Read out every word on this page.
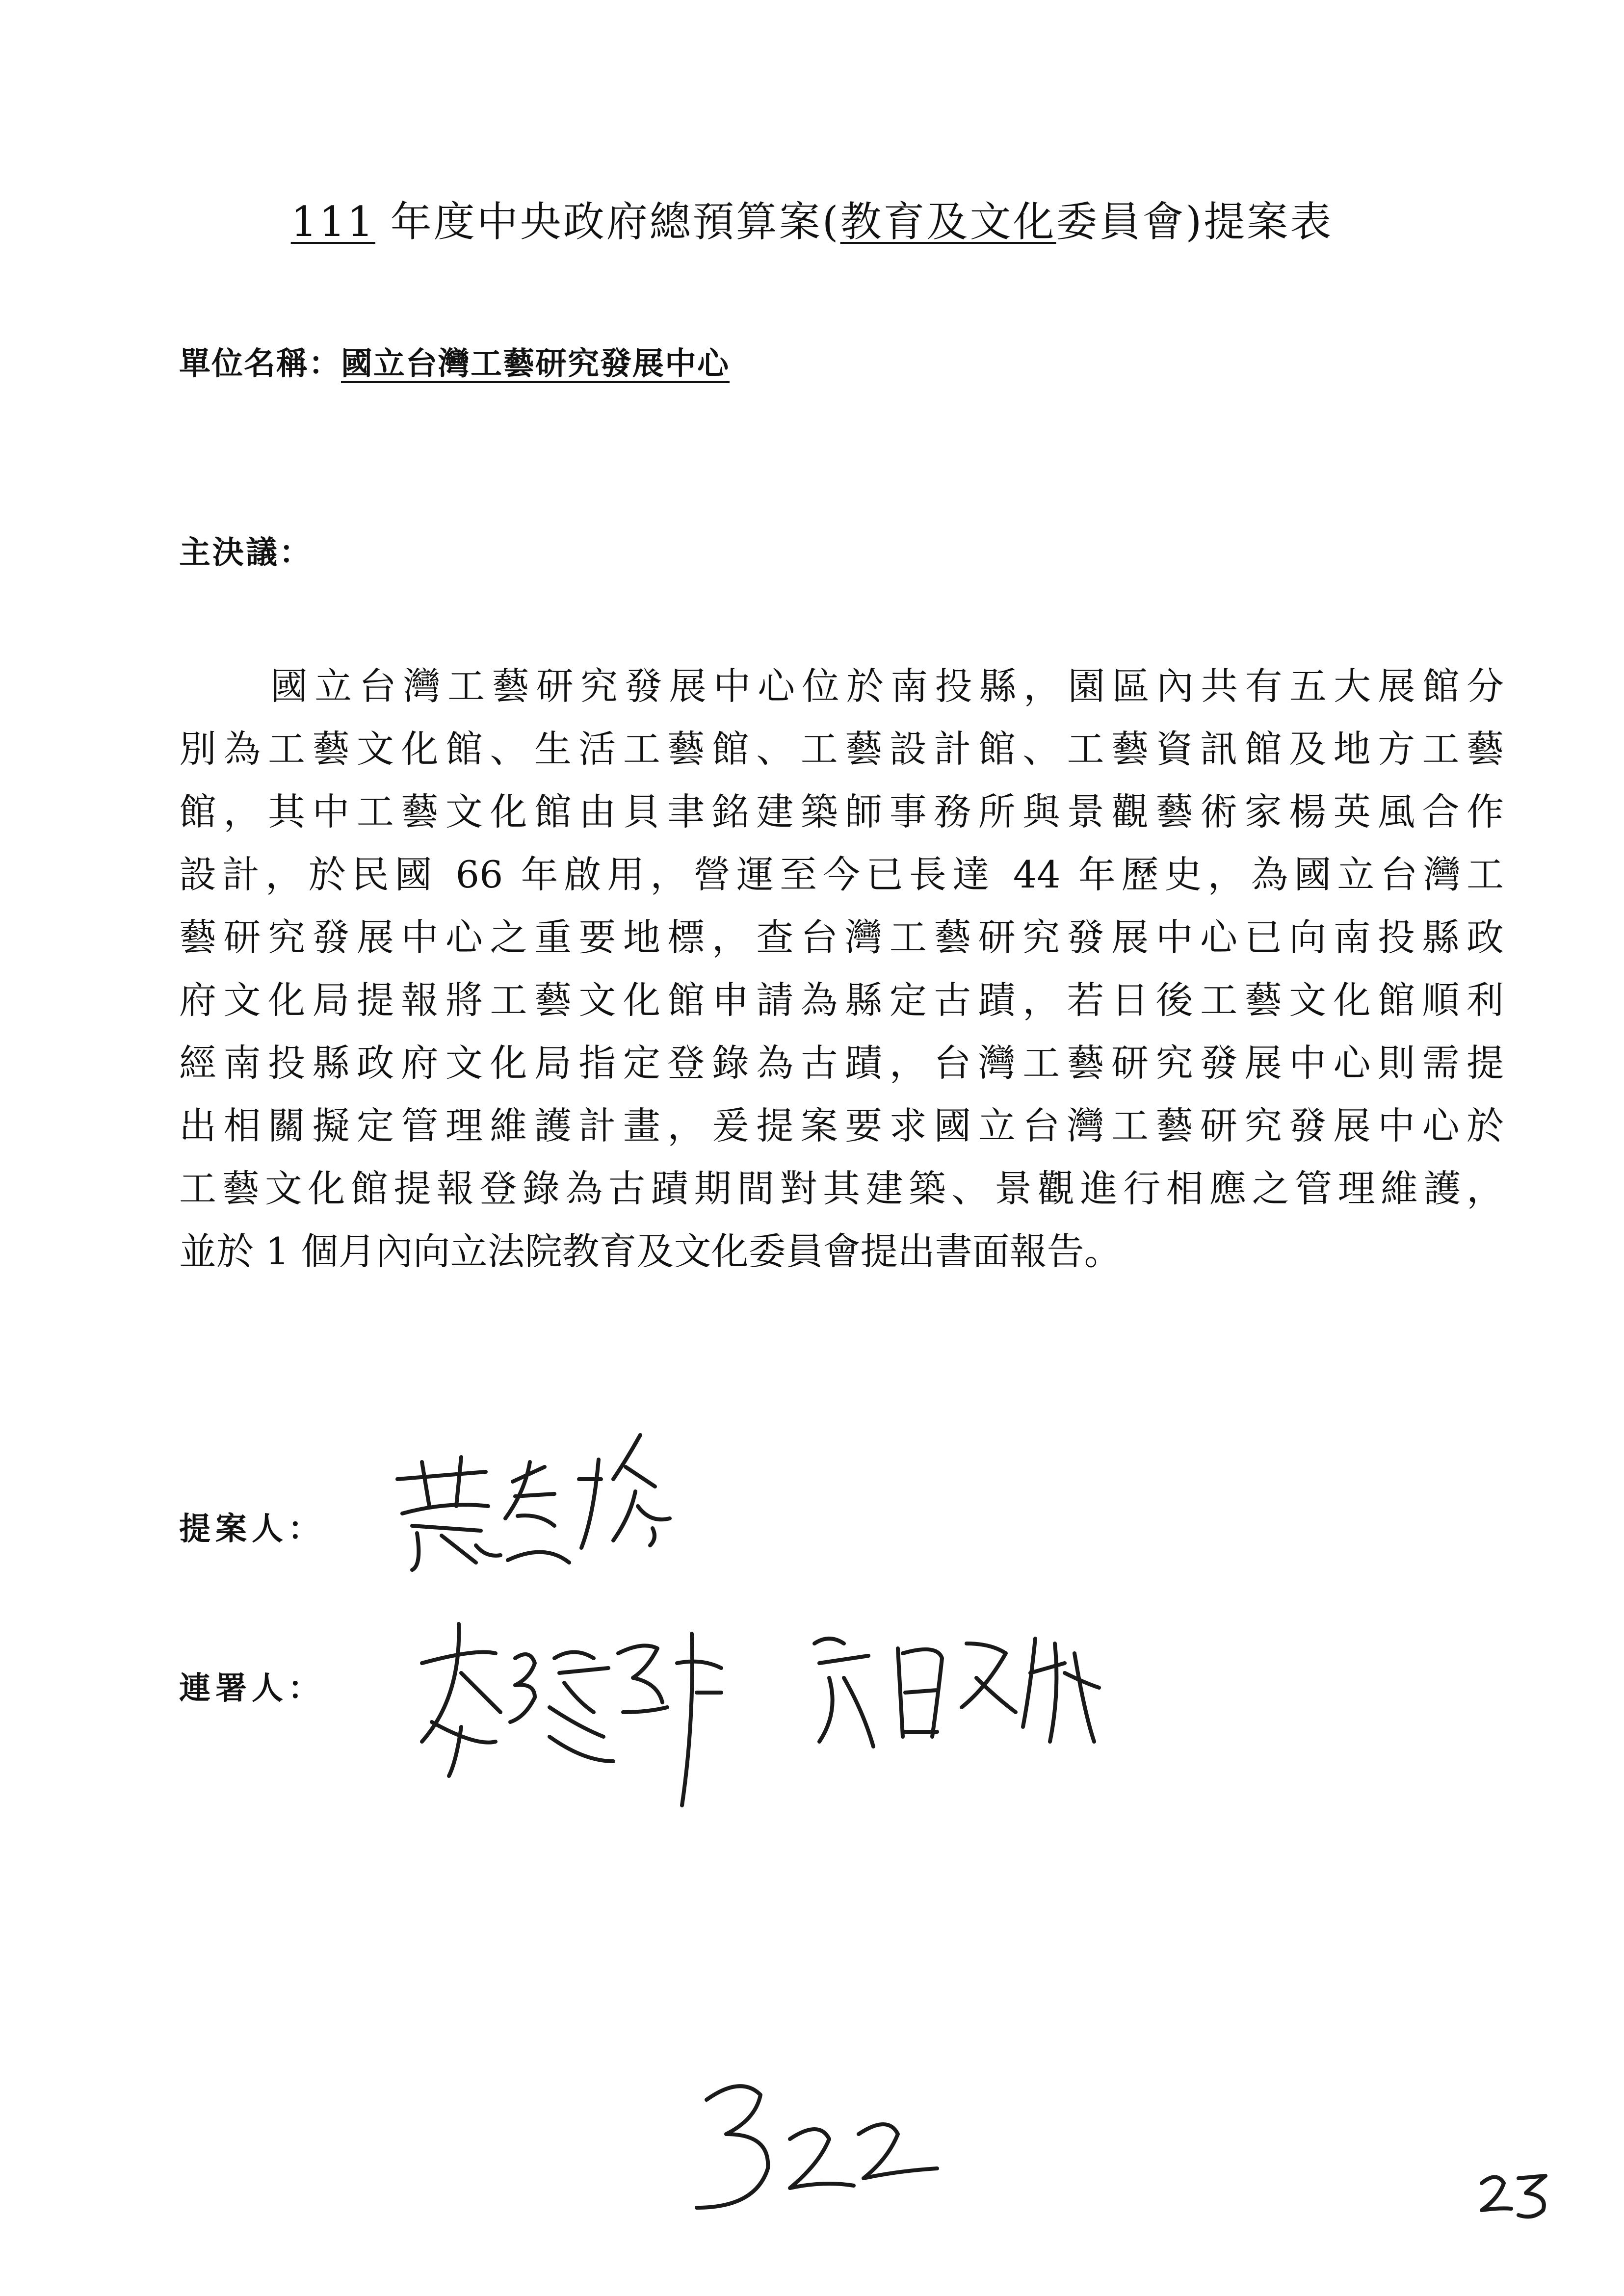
111 年度中央政府總預算案(教育及文化委員會)提案表
單位名稱：國立台灣工藝研究發展中心
主決議：
國立台灣工藝研究發展中心位於南投縣，園區內共有五大展館分
別為工藝文化館、生活工藝館、工藝設計館、工藝資訊館及地方工藝
館，其中工藝文化館由貝聿銘建築師事務所與景觀藝術家楊英風合作
設計，於民國 66 年啟用，營運至今已長達 44 年歷史，為國立台灣工
藝研究發展中心之重要地標，查台灣工藝研究發展中心已向南投縣政
府文化局提報將工藝文化館申請為縣定古蹟，若日後工藝文化館順利
經南投縣政府文化局指定登錄為古蹟，台灣工藝研究發展中心則需提
出相關擬定管理維護計畫，爰提案要求國立台灣工藝研究發展中心於
工藝文化館提報登錄為古蹟期間對其建築、景觀進行相應之管理維護，
並於 1 個月內向立法院教育及文化委員會提出書面報告。
提案人：
連署人：
